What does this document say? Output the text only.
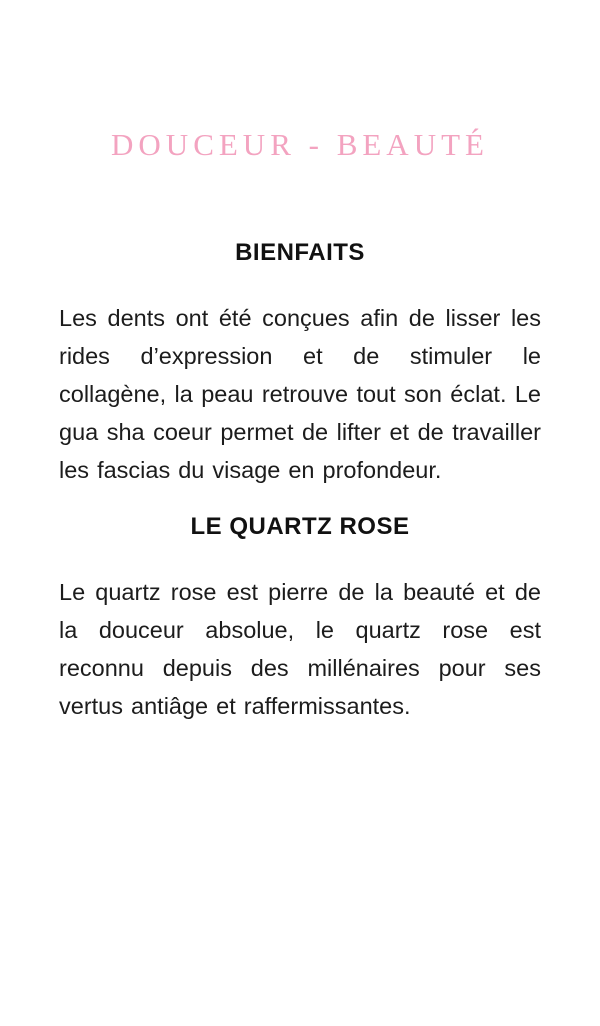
DOUCEUR - BEAUTÉ
BIENFAITS

Les dents ont été conçues afin de lisser les rides d’expression et de stimuler le collagène, la peau retrouve tout son éclat. Le gua sha coeur permet de lifter et de travailler les fascias du visage en profondeur.

LE QUARTZ ROSE

Le quartz rose est pierre de la beauté et de la douceur absolue, le quartz rose est reconnu depuis des millénaires pour ses vertus antiâge et raffermissantes.
